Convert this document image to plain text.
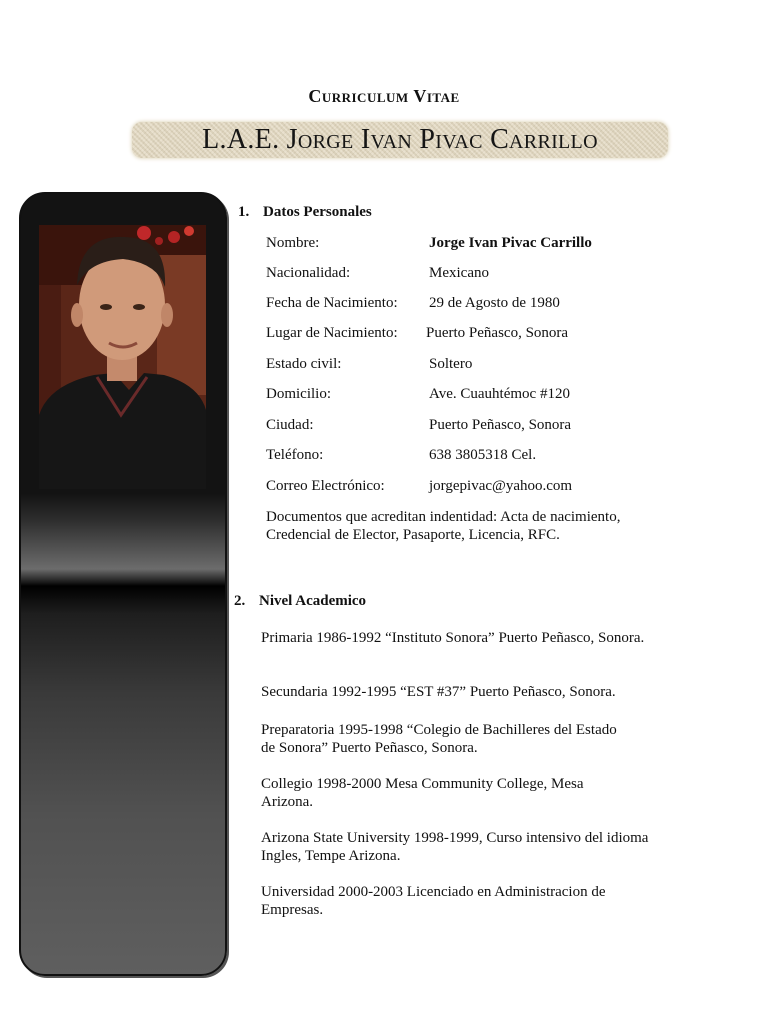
Curriculum Vitae
L.A.E. Jorge Ivan Pivac Carrillo
1. Datos Personales
Nombre:	Jorge Ivan Pivac Carrillo
Nacionalidad:	Mexicano
Fecha de Nacimiento: 29 de Agosto de 1980
Lugar de Nacimiento: Puerto Peñasco, Sonora
Estado civil:	Soltero
Domicilio:	Ave. Cuauhtémoc #120
Ciudad:	Puerto Peñasco, Sonora
Teléfono:	638 3805318 Cel.
Correo Electrónico:	jorgepivac@yahoo.com
Documentos que acreditan indentidad: Acta de nacimiento, Credencial de Elector, Pasaporte, Licencia, RFC.
2. Nivel Academico
Primaria 1986-1992 “Instituto Sonora” Puerto Peñasco, Sonora.
Secundaria 1992-1995 “EST #37” Puerto Peñasco, Sonora.
Preparatoria 1995-1998 “Colegio de Bachilleres del Estado de Sonora” Puerto Peñasco, Sonora.
Collegio 1998-2000 Mesa Community College, Mesa Arizona.
Arizona State University 1998-1999, Curso intensivo del idioma Ingles, Tempe Arizona.
Universidad 2000-2003 Licenciado en Administracion de Empresas.
